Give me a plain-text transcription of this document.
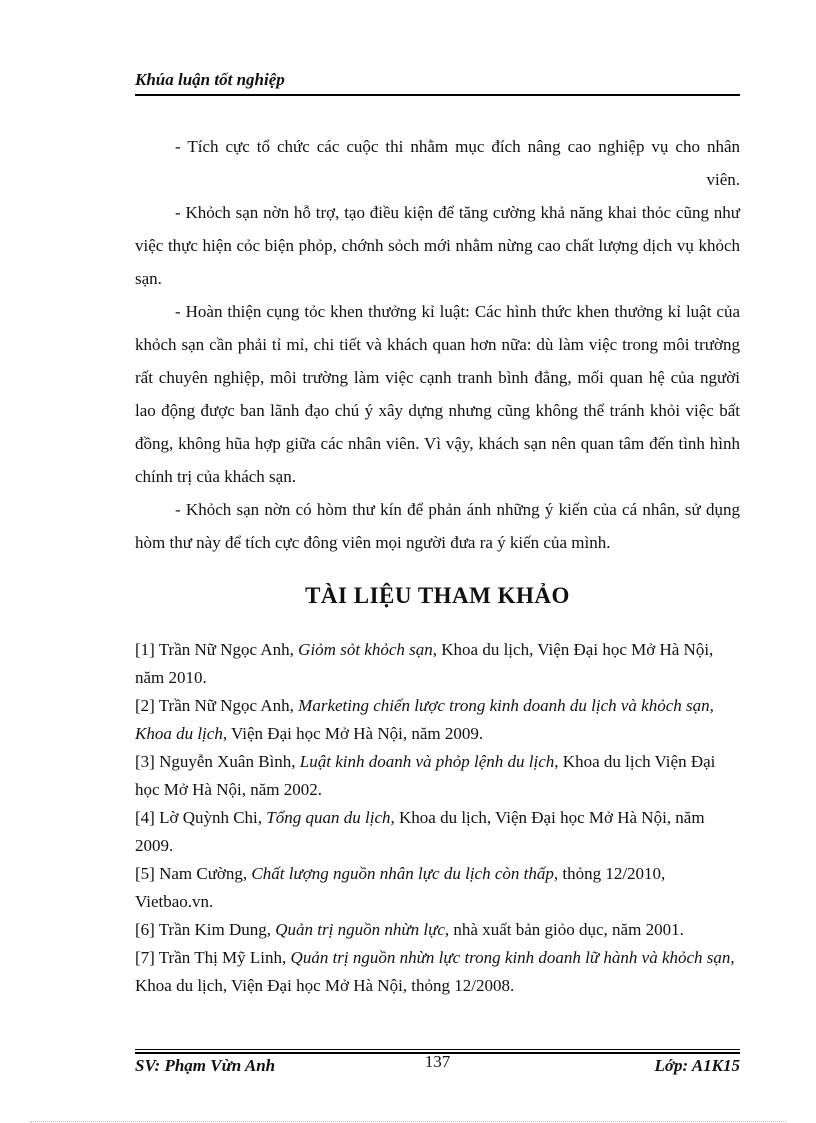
Khúa luận tốt nghiệp

- Tích cực tổ chức các cuộc thi nhằm mục đích nâng cao nghiệp vụ cho nhân

viên.

- Khỏch sạn nờn hỗ trợ, tạo điều kiện để tăng cường khả năng khai thỏc cũng như việc thực hiện cỏc biện phỏp, chớnh sỏch mới nhằm nừng cao chất lượng dịch vụ khỏch sạn.

- Hoàn thiện cụng tỏc khen thưởng kỉ luật: Các hình thức khen thưởng kỉ luật của khỏch sạn cần phải tỉ mỉ, chi tiết và khách quan hơn nữa: dù làm việc trong môi trường rất chuyên nghiệp, môi trường làm việc cạnh tranh bình đẳng, mối quan hệ của người lao động được ban lãnh đạo chú ý xây dựng nhưng cũng không thể tránh khỏi việc bất đồng, không hũa hợp giữa các nhân viên. Vì vậy, khách sạn nên quan tâm đến tình hình chính trị của khách sạn.

- Khỏch sạn nờn có hòm thư kín để phản ánh những ý kiến của cá nhân, sử dụng hòm thư này để tích cực đông viên mọi người đưa ra ý kiến của mình.

TÀI LIỆU THAM KHẢO

[1] Trần Nữ Ngọc Anh, Giỏm sỏt khỏch sạn, Khoa du lịch, Viện Đại học Mở Hà Nội, năm 2010.

[2] Trần Nữ Ngọc Anh, Marketing chiến lược trong kinh doanh du lịch và khỏch sạn, Khoa du lịch, Viện Đại học Mở Hà Nội, năm 2009.

[3] Nguyễn Xuân Bình, Luật kinh doanh và phỏp lệnh du lịch, Khoa du lịch Viện Đại học Mở Hà Nội, năm 2002.

[4] Lờ Quỳnh Chi, Tổng quan du lịch, Khoa du lịch, Viện Đại học Mở Hà Nội, năm 2009.

[5] Nam Cường, Chất lượng nguồn nhân lực du lịch còn thấp, thỏng 12/2010, Vietbao.vn.

[6] Trần Kim Dung, Quản trị nguồn nhừn lực, nhà xuất bản giỏo dục, năm 2001.

[7] Trần Thị Mỹ Linh, Quản trị nguồn nhừn lực trong kinh doanh lữ hành và khỏch sạn, Khoa du lịch, Viện Đại học Mở Hà Nội, thỏng 12/2008.

SV: Phạm Vừn Anh	137	Lớp: A1K15
